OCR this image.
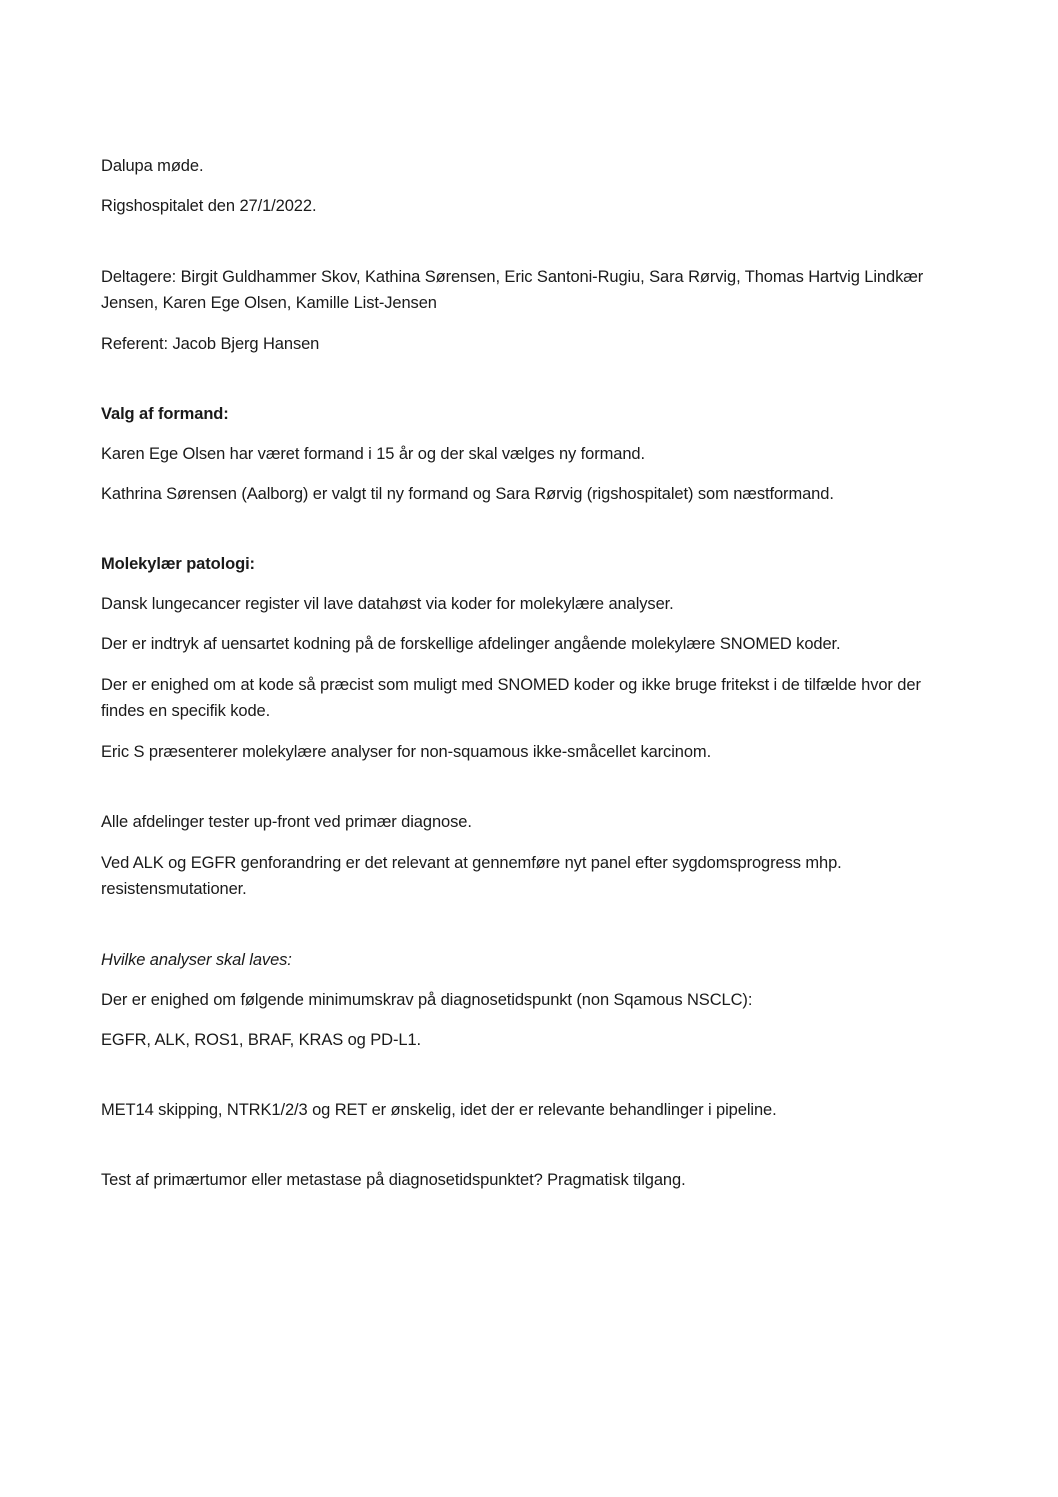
Dalupa møde.

Rigshospitalet den 27/1/2022.

Deltagere: Birgit Guldhammer Skov, Kathina Sørensen, Eric Santoni-Rugiu, Sara Rørvig, Thomas Hartvig Lindkær Jensen, Karen Ege Olsen, Kamille List-Jensen

Referent: Jacob Bjerg Hansen

Valg af formand:

Karen Ege Olsen har været formand i 15 år og der skal vælges ny formand.

Kathrina Sørensen (Aalborg) er valgt til ny formand og Sara Rørvig (rigshospitalet) som næstformand.

Molekylær patologi:

Dansk lungecancer register vil lave datahøst via koder for molekylære analyser.

Der er indtryk af uensartet kodning på de forskellige afdelinger angående molekylære SNOMED koder.

Der er enighed om at kode så præcist som muligt med SNOMED koder og ikke bruge fritekst i de tilfælde hvor der findes en specifik kode.

Eric S præsenterer molekylære analyser for non-squamous ikke-småcellet karcinom.

Alle afdelinger tester up-front ved primær diagnose.

Ved ALK og EGFR genforandring er det relevant at gennemføre nyt panel efter sygdomsprogress mhp. resistensmutationer.

Hvilke analyser skal laves:

Der er enighed om følgende minimumskrav på diagnosetidspunkt (non Sqamous NSCLC):

EGFR, ALK, ROS1, BRAF, KRAS og PD-L1.

MET14 skipping, NTRK1/2/3 og RET er ønskelig, idet der er relevante behandlinger i pipeline.

Test af primærtumor eller metastase på diagnosetidspunktet? Pragmatisk tilgang.
